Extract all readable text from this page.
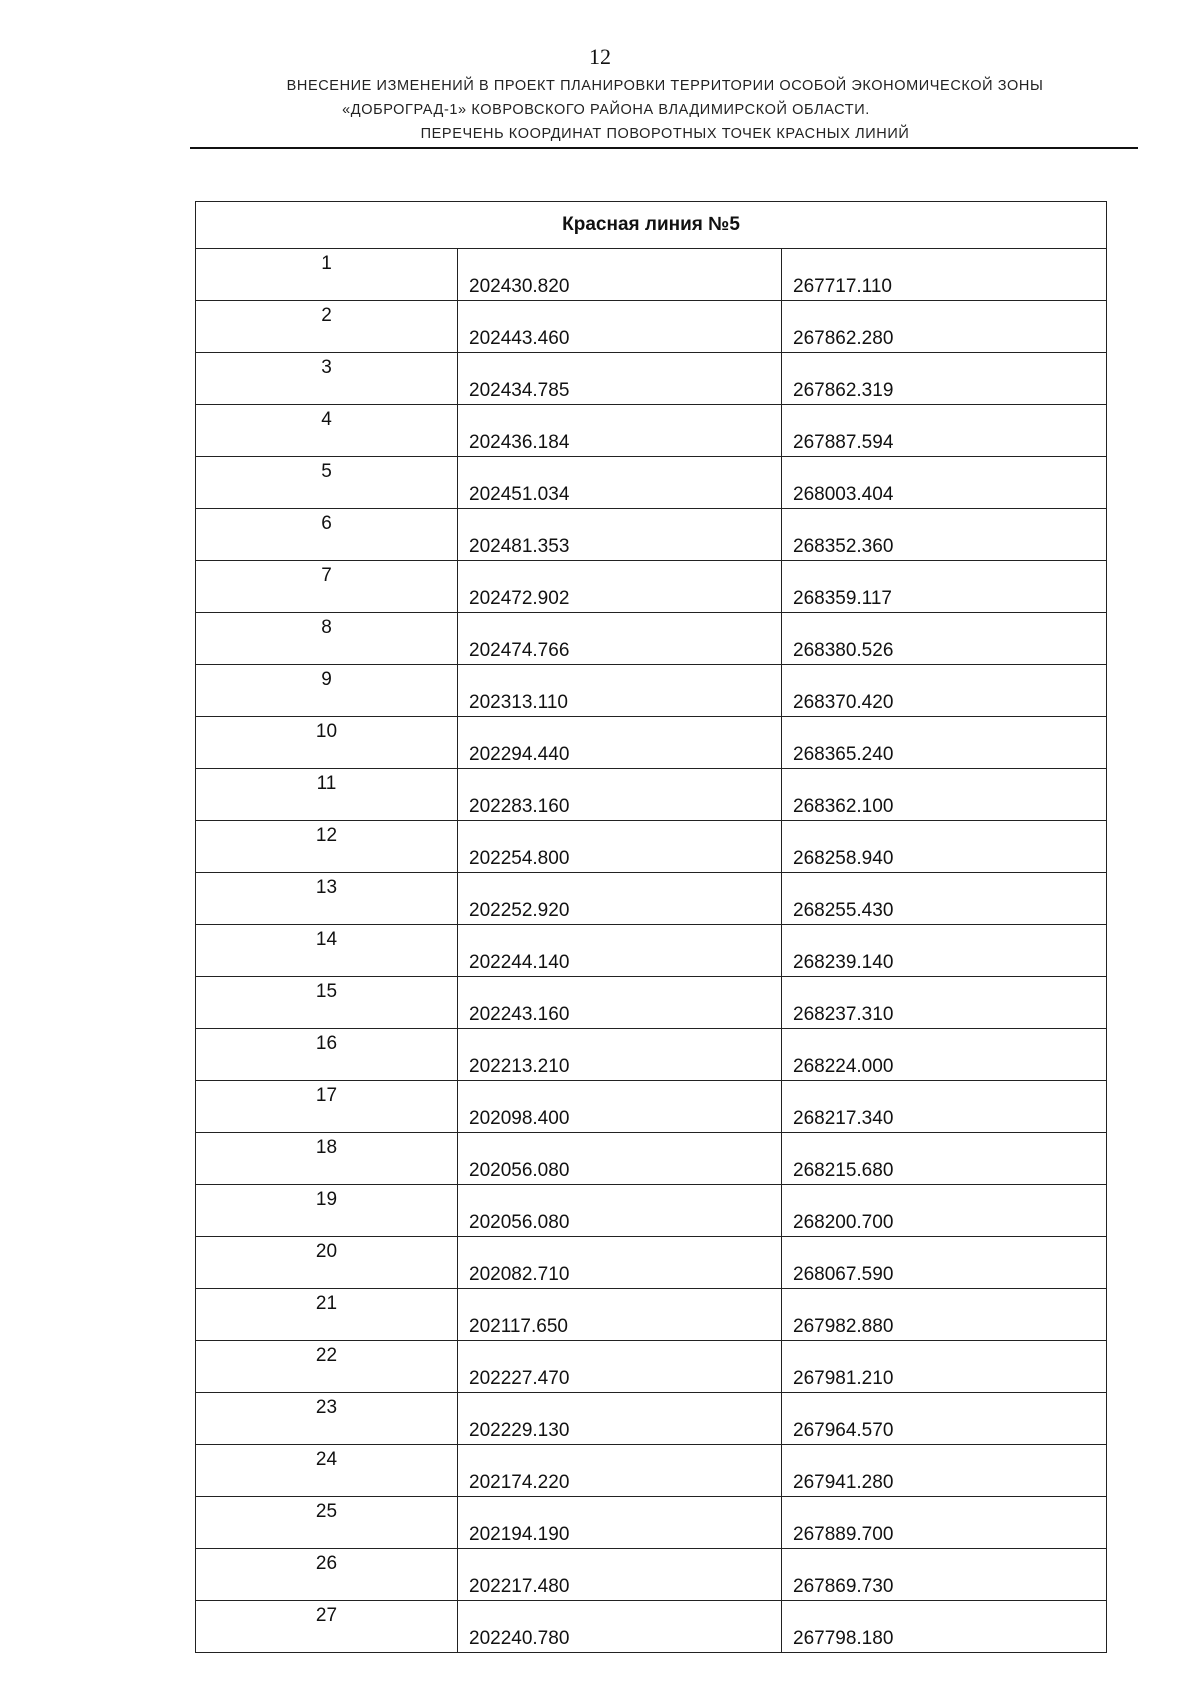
12
ВНЕСЕНИЕ ИЗМЕНЕНИЙ В ПРОЕКТ ПЛАНИРОВКИ ТЕРРИТОРИИ ОСОБОЙ ЭКОНОМИЧЕСКОЙ ЗОНЫ
«ДОБРОГРАД-1» КОВРОВСКОГО РАЙОНА ВЛАДИМИРСКОЙ ОБЛАСТИ.
ПЕРЕЧЕНЬ КООРДИНАТ ПОВОРОТНЫХ ТОЧЕК КРАСНЫХ ЛИНИЙ
Красная линия №5		
1	202430.820	267717.110
2	202443.460	267862.280
3	202434.785	267862.319
4	202436.184	267887.594
5	202451.034	268003.404
6	202481.353	268352.360
7	202472.902	268359.117
8	202474.766	268380.526
9	202313.110	268370.420
10	202294.440	268365.240
11	202283.160	268362.100
12	202254.800	268258.940
13	202252.920	268255.430
14	202244.140	268239.140
15	202243.160	268237.310
16	202213.210	268224.000
17	202098.400	268217.340
18	202056.080	268215.680
19	202056.080	268200.700
20	202082.710	268067.590
21	202117.650	267982.880
22	202227.470	267981.210
23	202229.130	267964.570
24	202174.220	267941.280
25	202194.190	267889.700
26	202217.480	267869.730
27	202240.780	267798.180
